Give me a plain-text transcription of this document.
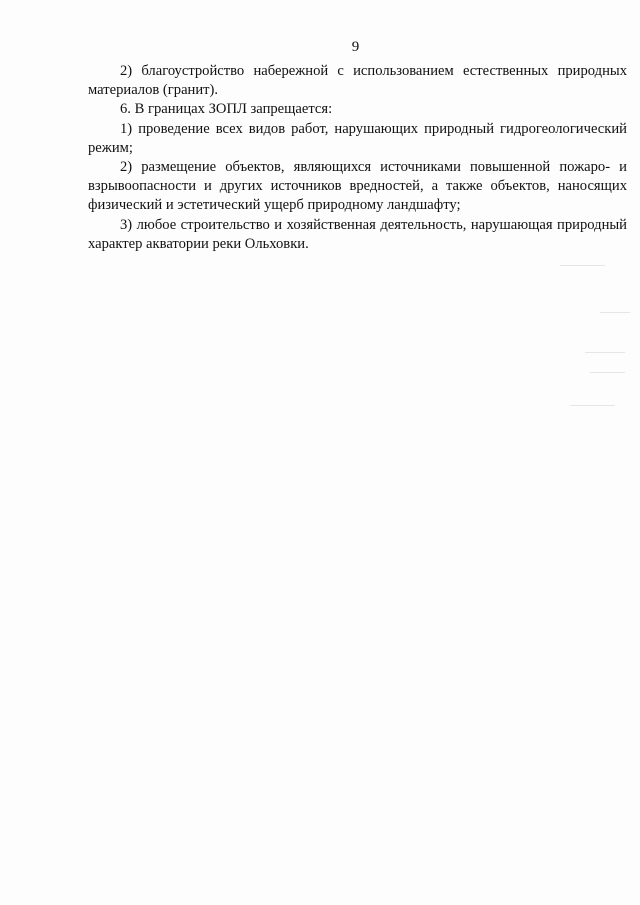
9

2) благоустройство набережной с использованием естественных природных материалов (гранит).

6. В границах ЗОПЛ запрещается:

1) проведение всех видов работ, нарушающих природный гидрогеологический режим;

2) размещение объектов, являющихся источниками повышенной пожаро- и взрывоопасности и других источников вредностей, а также объектов, наносящих физический и эстетический ущерб природному ландшафту;

3) любое строительство и хозяйственная деятельность, нарушающая природный характер акватории реки Ольховки.
